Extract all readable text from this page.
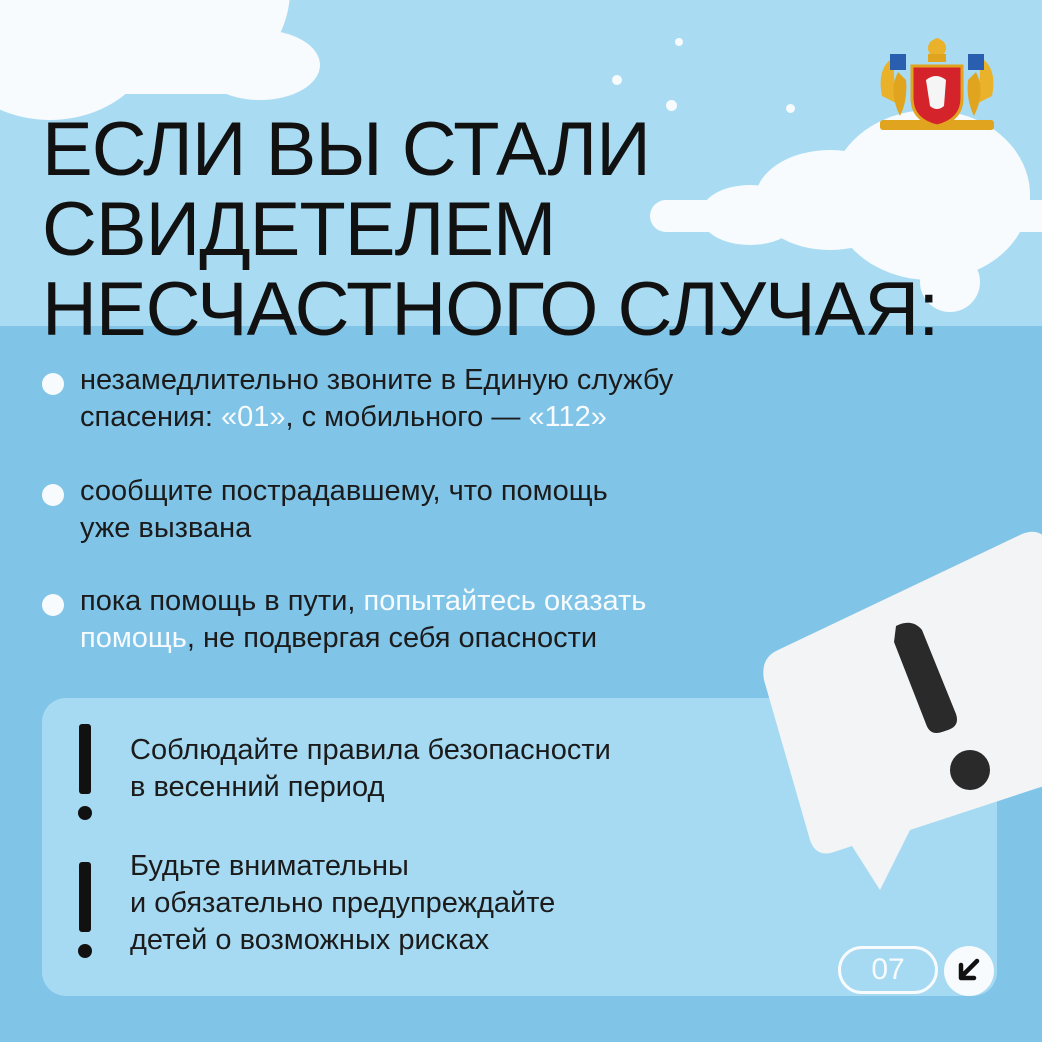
ЕСЛИ ВЫ СТАЛИ
СВИДЕТЕЛЕМ
НЕСЧАСТНОГО СЛУЧАЯ:
незамедлительно звоните в Единую службу
спасения: «01», с мобильного — «112»
сообщите пострадавшему, что помощь
уже вызвана
пока помощь в пути, попытайтесь оказать
помощь, не подвергая себя опасности
Соблюдайте правила безопасности
в весенний период
Будьте внимательны
и обязательно предупреждайте
детей о возможных рисках
07
